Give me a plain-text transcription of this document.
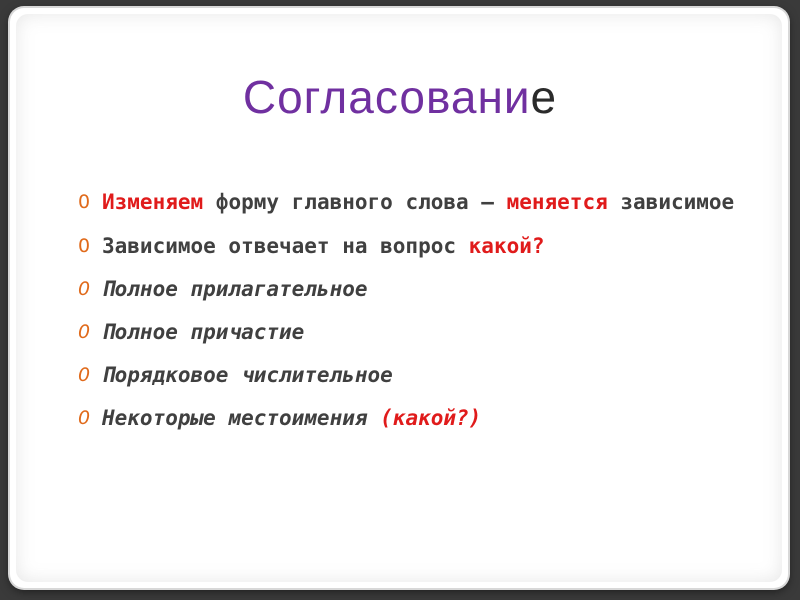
Согласование
0 Изменяем форму главного слова – меняется зависимое
0 Зависимое отвечает на вопрос какой?
0 Полное прилагательное
0 Полное причастие
0 Порядковое числительное
0 Некоторые местоимения (какой?)
